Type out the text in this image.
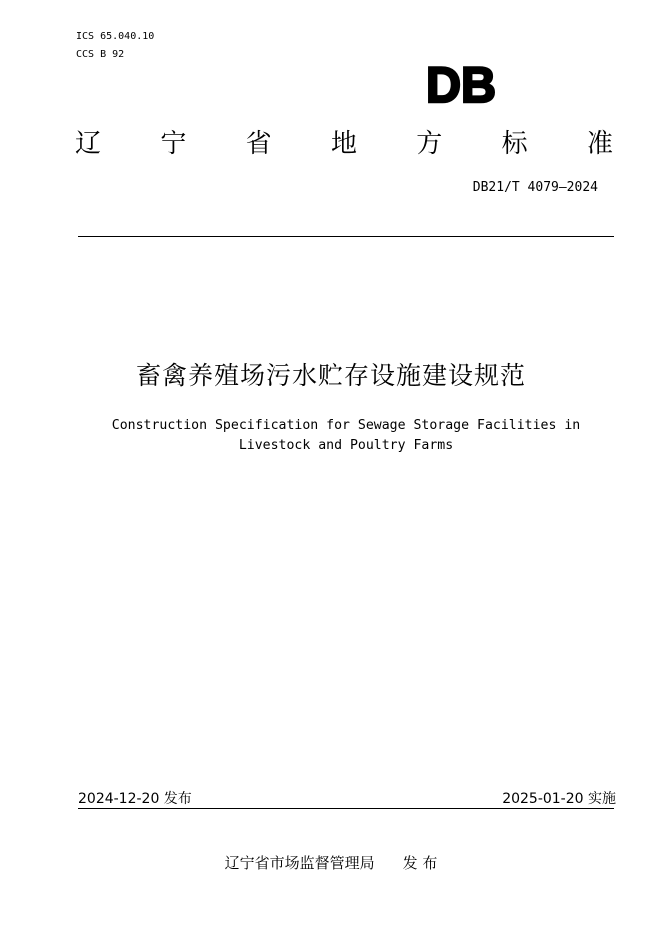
ICS 65.040.10
CCS B 92
DB
辽 宁 省 地 方 标 准
DB21/T 4079—2024
畜禽养殖场污水贮存设施建设规范
Construction Specification for Sewage Storage Facilities in Livestock and Poultry Farms
2024-12-20 发布	2025-01-20 实施
辽宁省市场监督管理局 发 布
